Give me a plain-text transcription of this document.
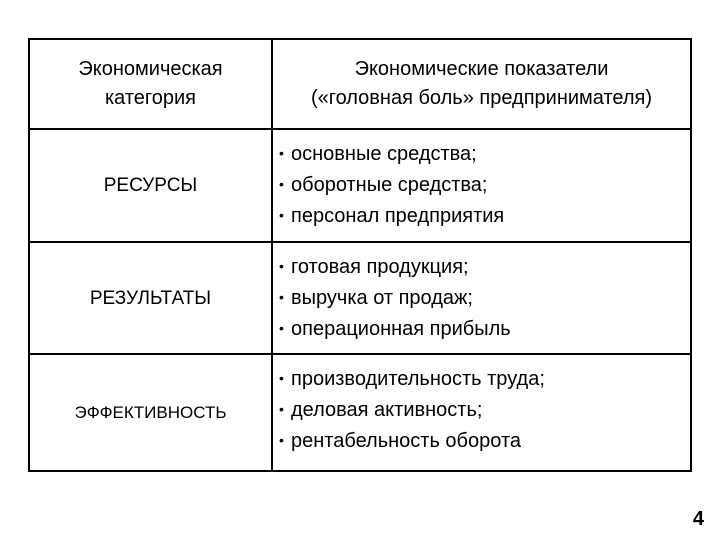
Экономическая
категория
Экономические показатели
(«головная боль» предпринимателя)
РЕСУРСЫ
• основные средства;
• оборотные средства;
• персонал предприятия
РЕЗУЛЬТАТЫ
• готовая продукция;
• выручка от продаж;
• операционная прибыль
ЭФФЕКТИВНОСТЬ
• производительность труда;
• деловая активность;
• рентабельность оборота
4
